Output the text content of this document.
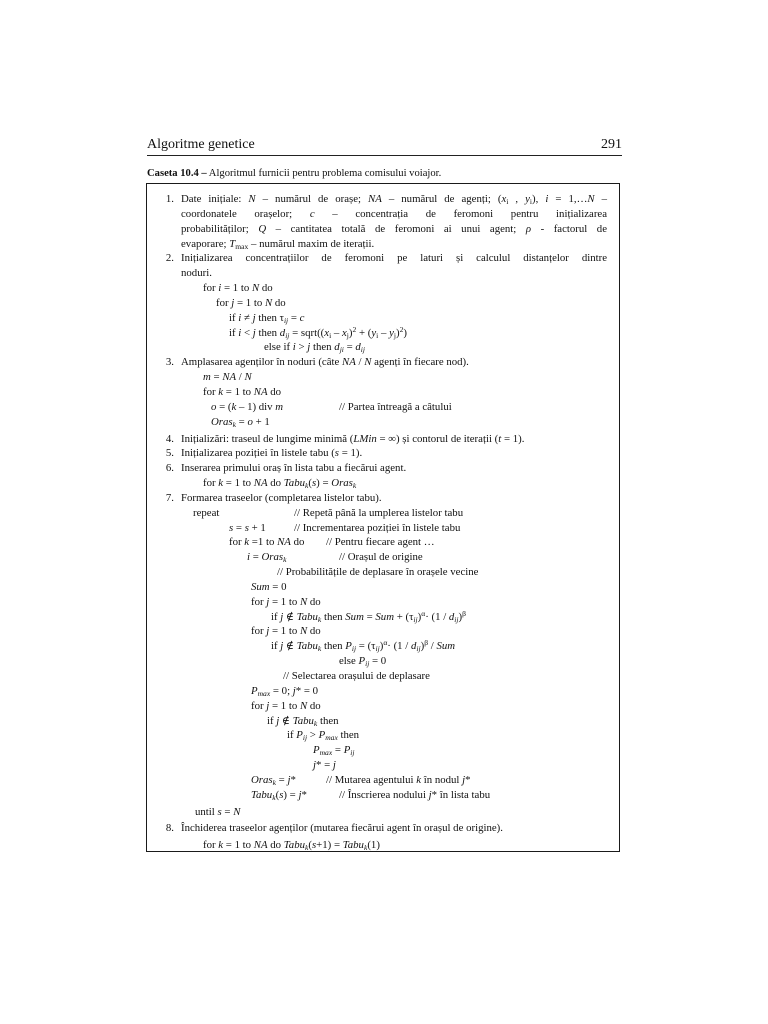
Algoritme genetice	291
Caseta 10.4 – Algoritmul furnicii pentru problema comisului voiajor.
1. Date inițiale: N – numărul de orașe; NA – numărul de agenți; ($x_i$ , $y_i$), i = 1,…N –
coordonatele orașelor; c – concentrația de feromoni pentru inițializarea
probabilităților; Q – cantitatea totală de feromoni ai unui agent; ρ - factorul de
evaporare; $T_{max}$ – numărul maxim de iterații.
2. Inițializarea concentrațiilor de feromoni pe laturi și calculul distanțelor dintre
noduri.
for i = 1 to N do
for j = 1 to N do
if i ≠ j then $\tau_{ij} = c$
if i < j then $d_{ij}$ = $sqrt((x_i - x_j)^2 + (y_i - y_j)^2)$
else if i > j then $d_{ji} = d_{ij}$
3. Amplasarea agenților în noduri (câte NA / N agenți în fiecare nod).
m = NA / N
for k = 1 to NA do
o = (k – 1) div m	// Partea întreagă a câtului
Oras$_k$ = o + 1
4. Inițializări: traseul de lungime minimă (LMin = ∞) și contorul de iterații (t = 1).
5. Inițializarea poziției în listele tabu (s = 1).
6. Inserarea primului oraș în lista tabu a fiecărui agent.
for k = 1 to NA do Tabu$_k$(s) = Oras$_k$
7. Formarea traseelor (completarea listelor tabu).
repeat	// Repetă până la umplerea listelor tabu
s = s + 1	// Incrementarea poziției în listele tabu
for k =1 to NA do // Pentru fiecare agent …
i = Oras$_k$	// Orașul de origine
// Probabilitățile de deplasare în orașele vecine
Sum = 0
for j = 1 to N do
if j ∉ Tabu$_k$ then Sum = Sum + $(\tau_{ij})^\alpha\cdot (1 / d_{ij})^\beta$
for j = 1 to N do
if j ∉ Tabu$_k$ then $P_{ij} = (\tau_{ij})^\alpha\cdot (1 / d_{ij})^\beta$ / Sum
else $P_{ij} = 0$
// Selectarea orașului de deplasare
$P_{max} = 0$; j* = 0
for j = 1 to N do
if j ∉ Tabu$_k$ then
if $P_{ij} > P_{max}$ then
$P_{max} = P_{ij}$
j* = j
Oras$_k$ = j*	// Mutarea agentului k în nodul j*
Tabu$_k$(s) = j*	// Înscrierea nodului j* în lista tabu
until s = N
8. Închiderea traseelor agenților (mutarea fiecărui agent în orașul de origine).
for k = 1 to NA do Tabu$_k$(s+1) = Tabu$_k$(1)
